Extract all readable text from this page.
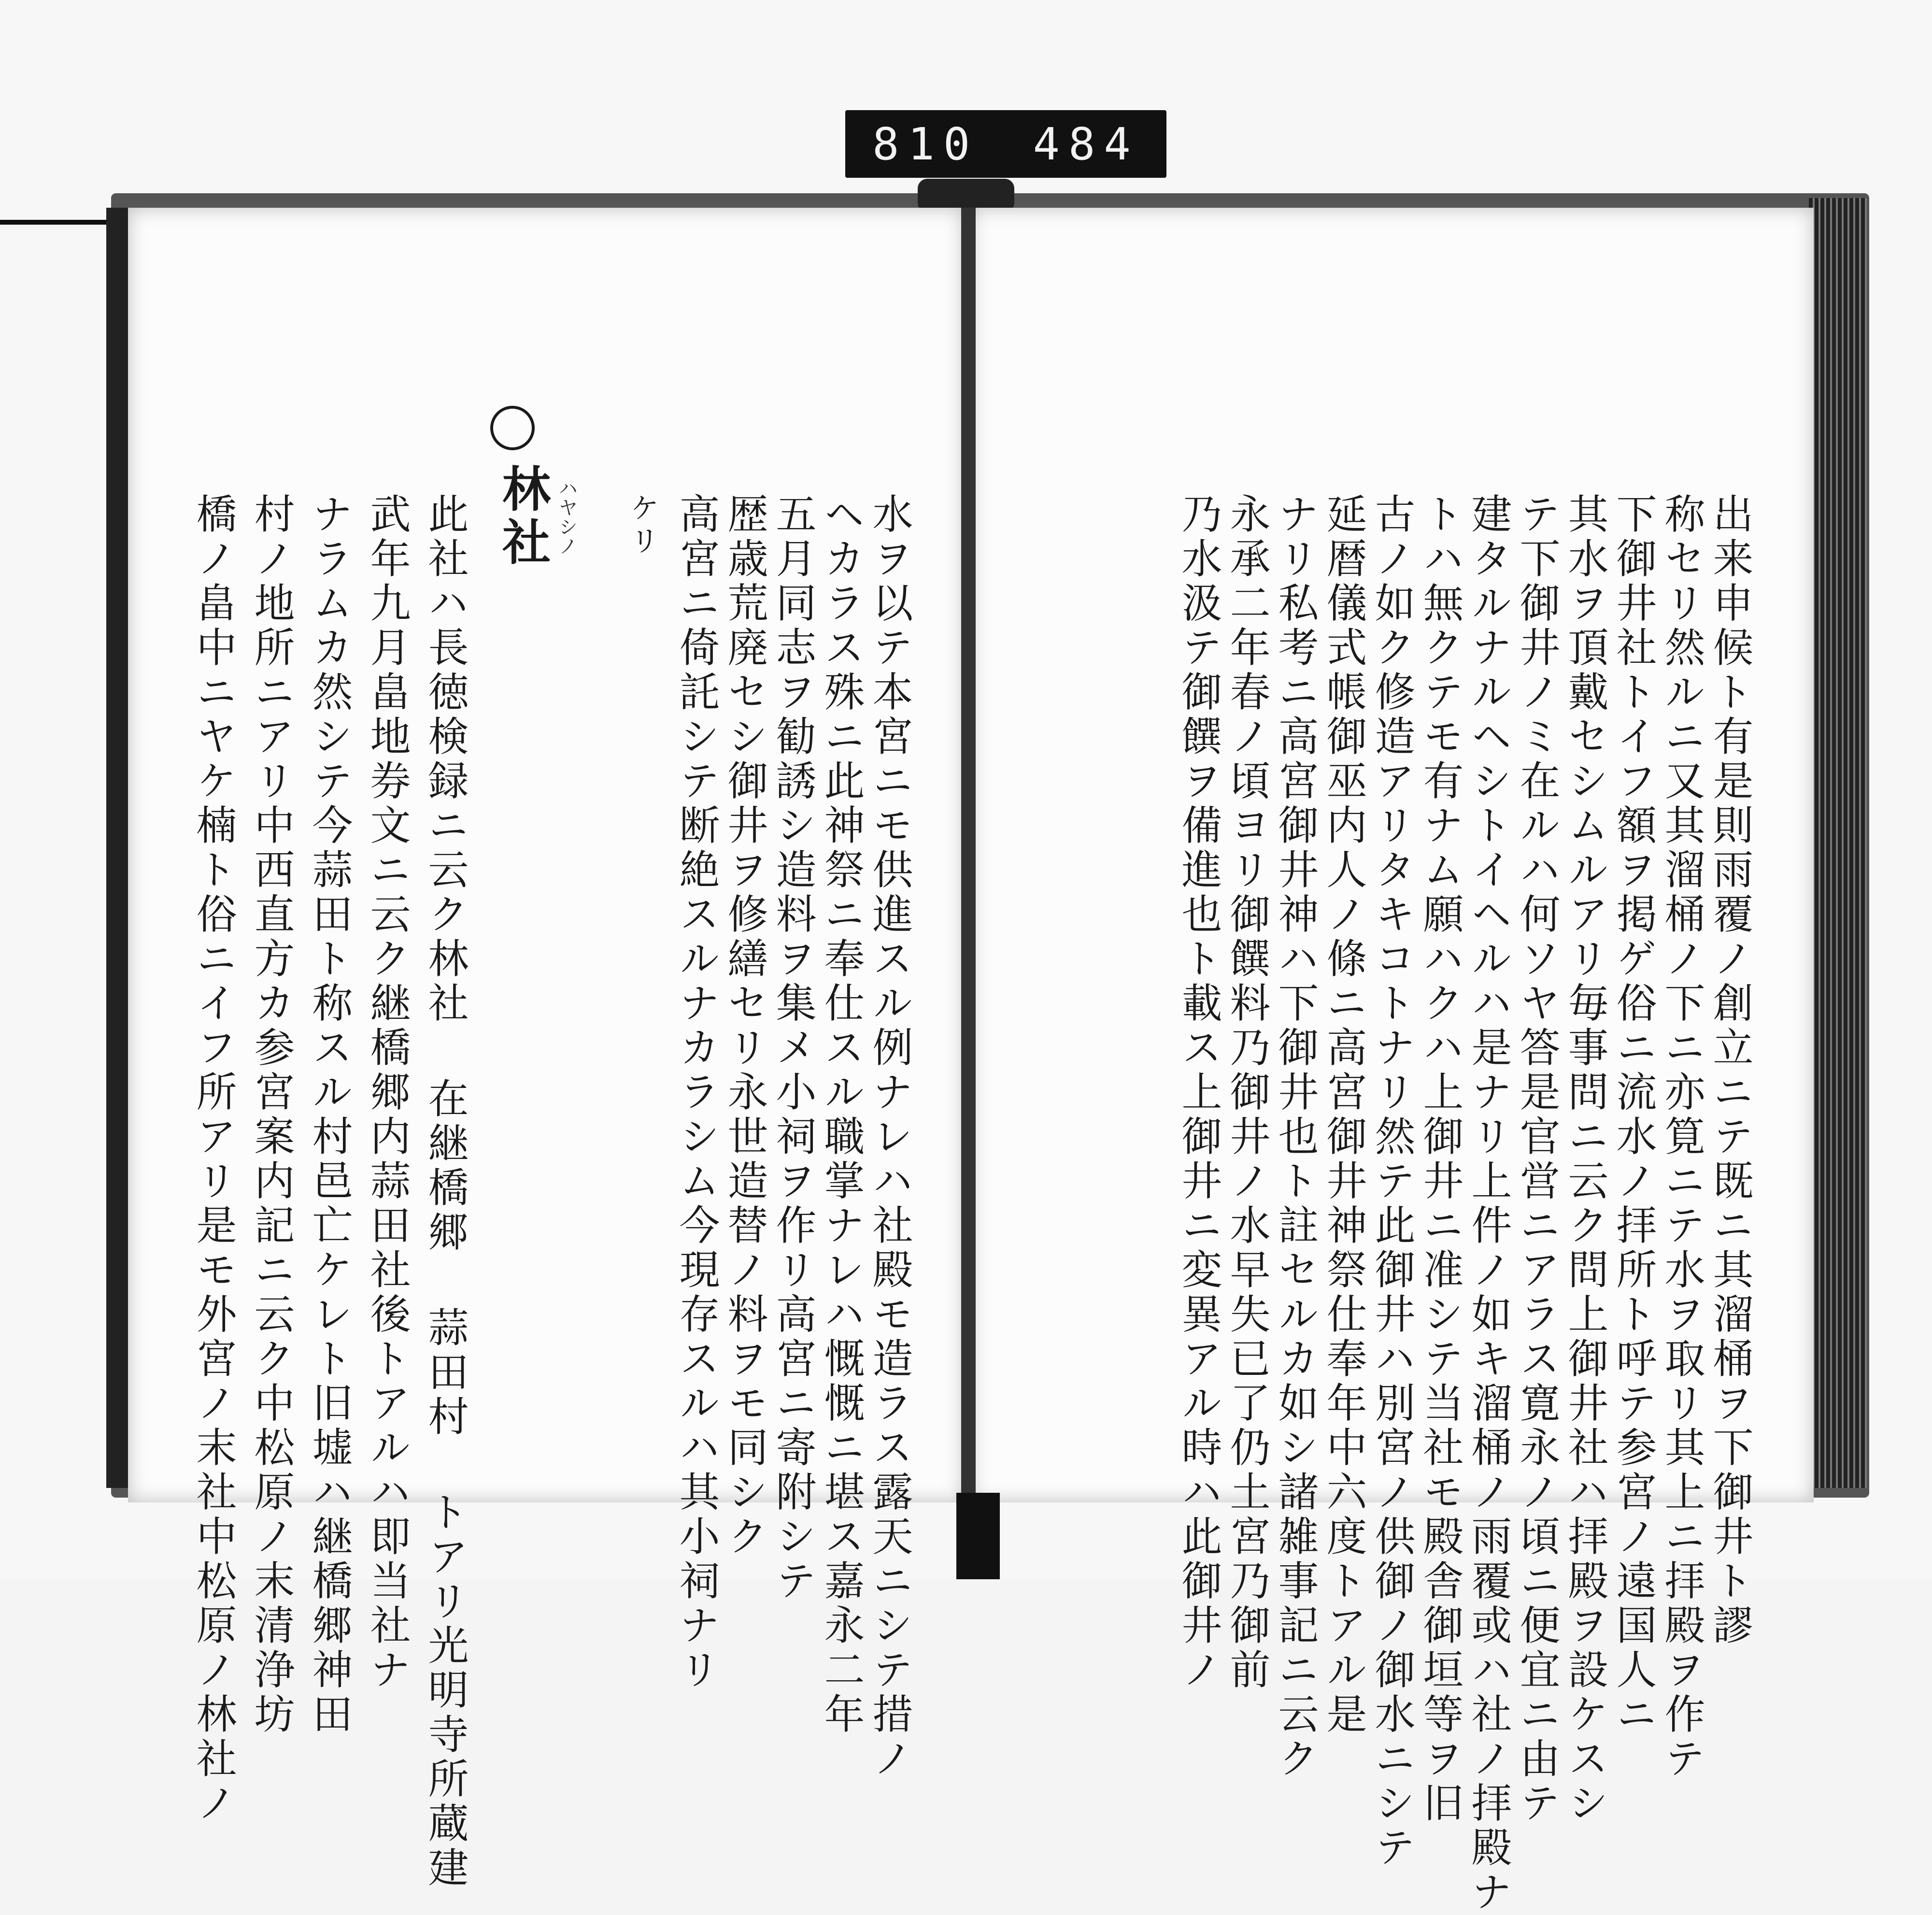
810 484
出来申候ト有是則雨覆ノ創立ニテ既ニ其溜桶ヲ下御井ト謬
称セリ然ルニ又其溜桶ノ下ニ亦筧ニテ水ヲ取リ其上ニ拝殿ヲ作テ
下御井社トイフ額ヲ掲ゲ俗ニ流水ノ拝所ト呼テ参宮ノ遠国人ニ
其水ヲ頂戴セシムルアリ毎事問ニ云ク問上御井社ハ拝殿ヲ設ケスシ
テ下御井ノミ在ルハ何ソヤ答是官営ニアラス寛永ノ頃ニ便宜ニ由テ
建タルナルヘシトイヘルハ是ナリ上件ノ如キ溜桶ノ雨覆或ハ社ノ拝殿ナ
トハ無クテモ有ナム願ハクハ上御井ニ准シテ当社モ殿舎御垣等ヲ旧
古ノ如ク修造アリタキコトナリ然テ此御井ハ別宮ノ供御ノ御水ニシテ
延暦儀式帳御巫内人ノ條ニ高宮御井神祭仕奉年中六度トアル是
ナリ私考ニ高宮御井神ハ下御井也ト註セルカ如シ諸雑事記ニ云ク
永承二年春ノ頃ヨリ御饌料乃御井ノ水早失已了仍土宮乃御前
乃水汲テ御饌ヲ備進也ト載ス上御井ニ変異アル時ハ此御井ノ
水ヲ以テ本宮ニモ供進スル例ナレハ社殿モ造ラス露天ニシテ措ノ
ヘカラス殊ニ此神祭ニ奉仕スル職掌ナレハ慨慨ニ堪ス嘉永二年
五月同志ヲ勧誘シ造料ヲ集メ小祠ヲ作リ高宮ニ寄附シテ
歴歳荒廃セシ御井ヲ修繕セリ永世造替ノ料ヲモ同シク
高宮ニ倚託シテ断絶スルナカラシム今現存スルハ其小祠ナリ
ケリ
林社 ハヤシノ
此社ハ長徳検録ニ云ク林社 在継橋郷 蒜田村 トアリ光明寺所蔵建
武年九月畠地券文ニ云ク継橋郷内蒜田社後トアルハ即当社ナ
ナラムカ然シテ今蒜田ト称スル村邑亡ケレト旧墟ハ継橋郷神田
村ノ地所ニアリ中西直方カ参宮案内記ニ云ク中松原ノ末清浄坊
橋ノ畠中ニヤケ楠ト俗ニイフ所アリ是モ外宮ノ末社中松原ノ林社ノ
